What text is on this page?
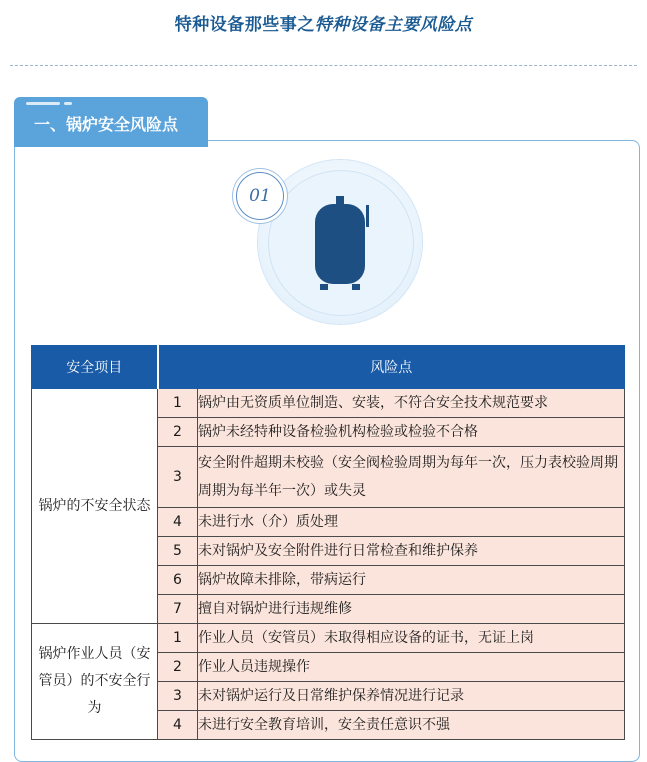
特种设备那些事之特种设备主要风险点
一、锅炉安全风险点
01
安全项目	风险点	
锅炉的不安全状态	1	锅炉由无资质单位制造、安装，不符合安全技术规范要求
	2	锅炉未经特种设备检验机构检验或检验不合格
	3	安全附件超期未校验（安全阀检验周期为每年一次，压力表校验周期周期为每半年一次）或失灵
	4	未进行水（介）质处理
	5	未对锅炉及安全附件进行日常检查和维护保养
	6	锅炉故障未排除，带病运行
	7	擅自对锅炉进行违规维修
锅炉作业人员（安管员）的不安全行为	1	作业人员（安管员）未取得相应设备的证书，无证上岗
	2	作业人员违规操作
	3	未对锅炉运行及日常维护保养情况进行记录
	4	未进行安全教育培训，安全责任意识不强
